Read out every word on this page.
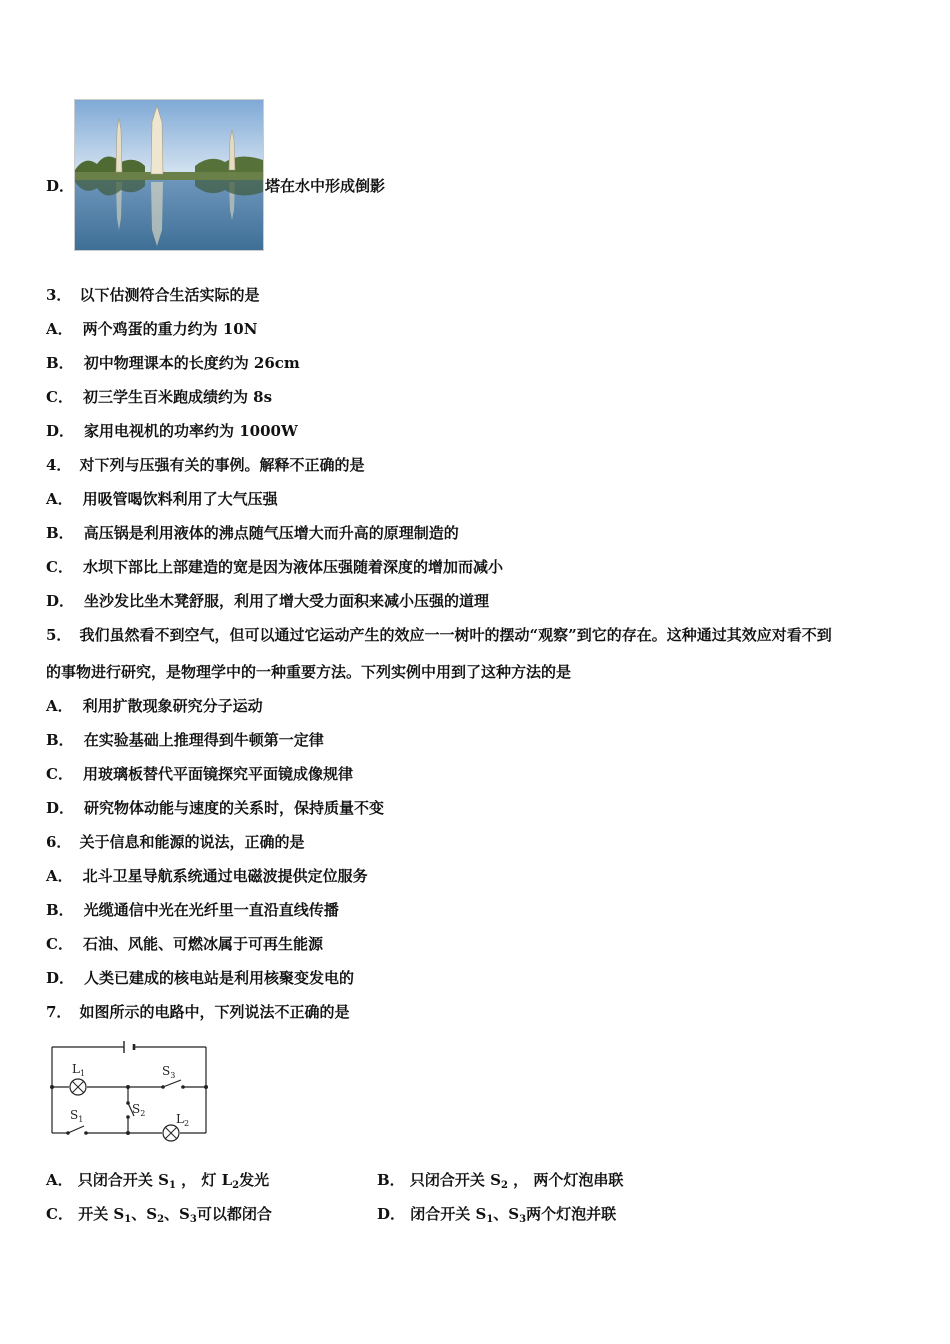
D．	塔在水中形成倒影
3． 以下估测符合生活实际的是
A． 两个鸡蛋的重力约为 10N
B． 初中物理课本的长度约为 26cm
C． 初三学生百米跑成绩约为 8s
D． 家用电视机的功率约为 1000W
4． 对下列与压强有关的事例。解释不正确的是
A． 用吸管喝饮料利用了大气压强
B． 高压锅是利用液体的沸点随气压增大而升高的原理制造的
C． 水坝下部比上部建造的宽是因为液体压强随着深度的增加而减小
D． 坐沙发比坐木凳舒服，利用了增大受力面积来减小压强的道理
5． 我们虽然看不到空气，但可以通过它运动产生的效应一一树叶的摆动“观察”到它的存在。这种通过其效应对看不到
的事物进行研究，是物理学中的一种重要方法。下列实例中用到了这种方法的是
A． 利用扩散现象研究分子运动
B． 在实验基础上推理得到牛顿第一定律
C． 用玻璃板替代平面镜探究平面镜成像规律
D． 研究物体动能与速度的关系时，保持质量不变
6． 关于信息和能源的说法，正确的是
A． 北斗卫星导航系统通过电磁波提供定位服务
B． 光缆通信中光在光纤里一直沿直线传播
C． 石油、风能、可燃冰属于可再生能源
D． 人类已建成的核电站是利用核聚变发电的
7． 如图所示的电路中，下列说法不正确的是
$L_1$	$S_3$
$S_2$
$S_1$	$L_2$
A． 只闭合开关 $S_1$ ， 灯 $L_2$发光	B． 只闭合开关 $S_2$ ， 两个灯泡串联
C． 开关 $S_1$、$S_2$、$S_3$可以都闭合	D． 闭合开关 $S_1$、$S_3$两个灯泡并联
